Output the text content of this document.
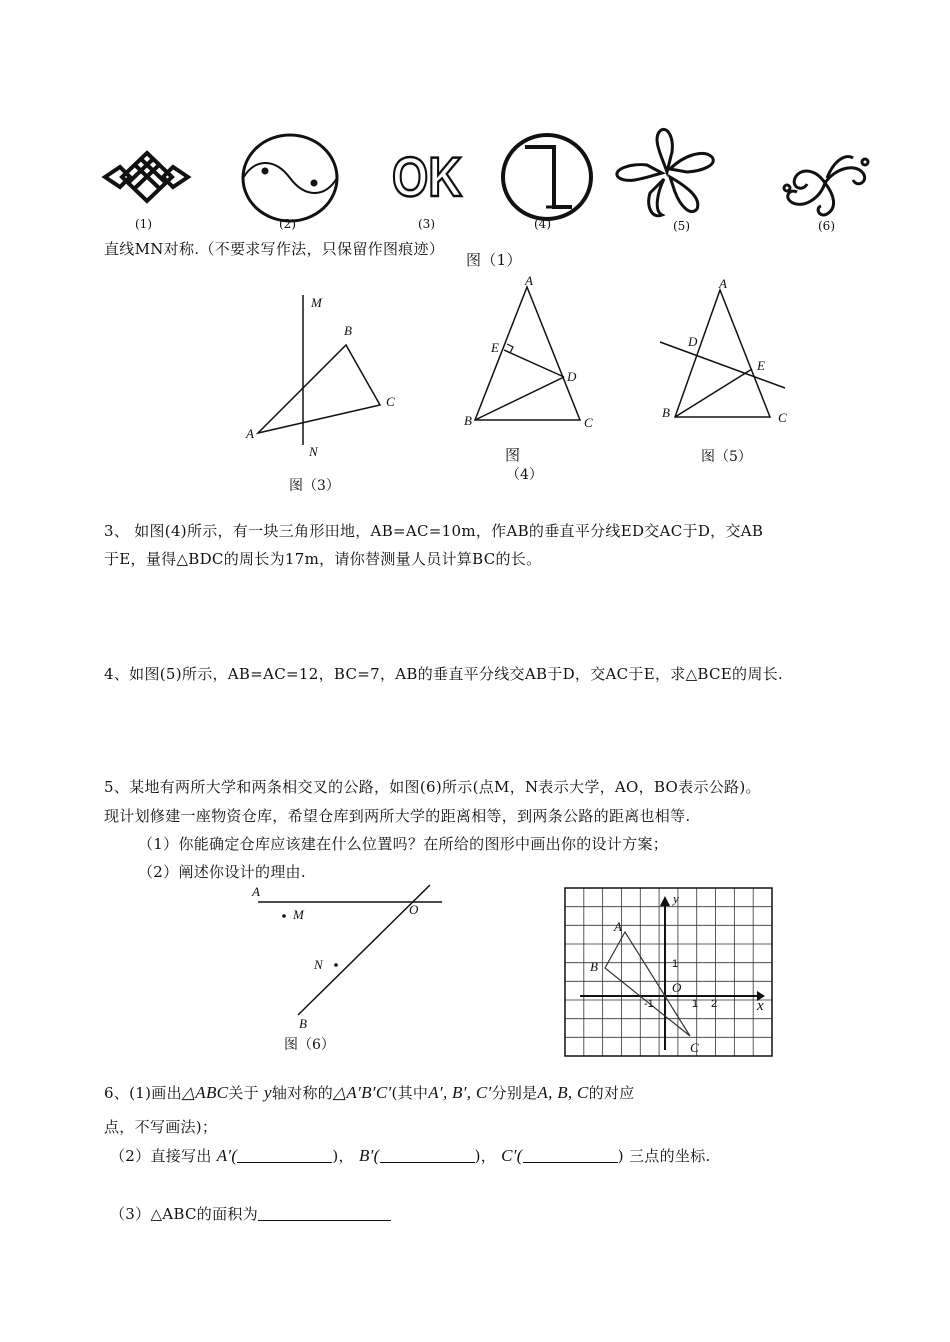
(1)	(2)
OK
(3)	(4)	(5)	(6)
直线MN对称.（不要求写作法，只保留作图痕迹）
图（1）
M
B
C
A
N
图（3）
A
E
D
B	C
图
（4）
A
D
E
B	C
图（5）
3、 如图(4)所示，有一块三角形田地，AB=AC=10m，作AB的垂直平分线ED交AC于D，交AB
于E，量得△BDC的周长为17m，请你替测量人员计算BC的长。
4、如图(5)所示，AB=AC=12，BC=7，AB的垂直平分线交AB于D，交AC于E，求△BCE的周长.
5、某地有两所大学和两条相交叉的公路，如图(6)所示(点M，N表示大学，AO，BO表示公路)。
现计划修建一座物资仓库，希望仓库到两所大学的距离相等，到两条公路的距离也相等.
（1）你能确定仓库应该建在什么位置吗？在所给的图形中画出你的设计方案；
（2）阐述你设计的理由.
A
M	O
N
B
图（6）
y
x
A
B
C
O
1
-1	1 2
6、(1)画出△ABC关于 y轴对称的△A′B′C′(其中A′, B′, C′分别是A, B, C的对应
点，不写画法)；
（2）直接写出 A′(	)， B′(	)， C′(	) 三点的坐标.
（3）△ABC的面积为
